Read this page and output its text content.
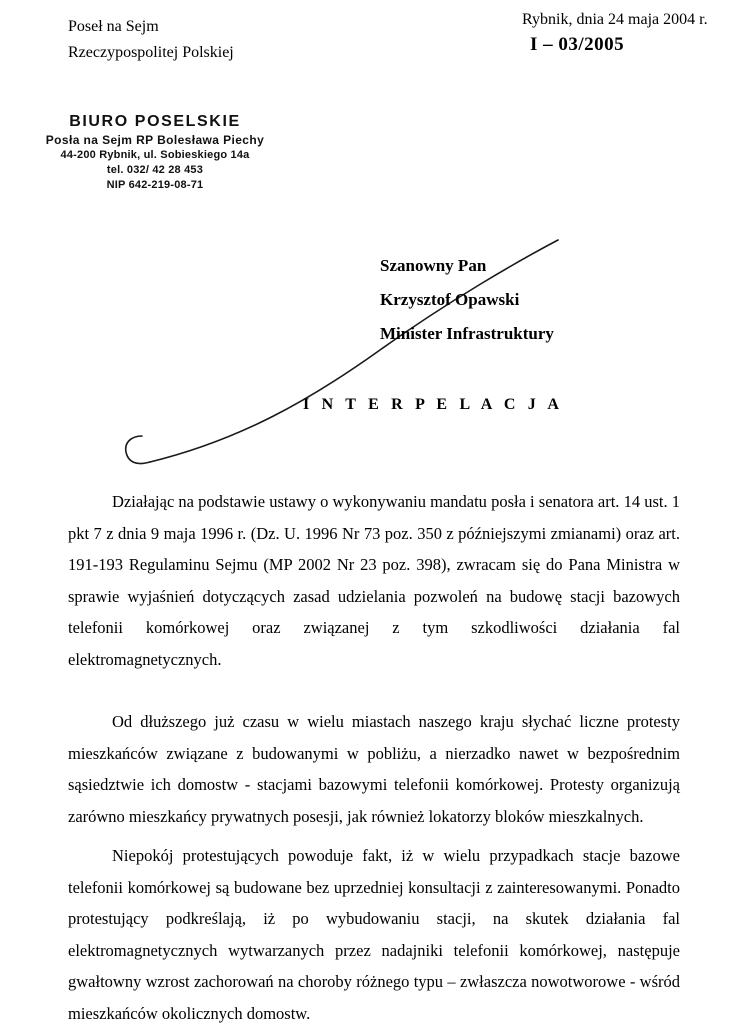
Poseł na Sejm
Rzeczypospolitej Polskiej
Rybnik, dnia 24 maja 2004 r.
I – 03/2005
BIURO POSELSKIE
Posła na Sejm RP Bolesława Piechy
44-200 Rybnik, ul. Sobieskiego 14a
tel. 032/ 42 28 453
NIP 642-219-08-71
Szanowny Pan
Krzysztof Opawski
Minister Infrastruktury
I N T E R P E L A C J A

Działając na podstawie ustawy o wykonywaniu mandatu posła i senatora art. 14 ust. 1 pkt 7 z dnia 9 maja 1996 r. (Dz. U. 1996 Nr 73 poz. 350 z późniejszymi zmianami) oraz art. 191-193 Regulaminu Sejmu (MP 2002 Nr 23 poz. 398), zwracam się do Pana Ministra w sprawie wyjaśnień dotyczących zasad udzielania pozwoleń na budowę stacji bazowych telefonii komórkowej oraz związanej z tym szkodliwości działania fal elektromagnetycznych.

Od dłuższego już czasu w wielu miastach naszego kraju słychać liczne protesty mieszkańców związane z budowanymi w pobliżu, a nierzadko nawet w bezpośrednim sąsiedztwie ich domostw - stacjami bazowymi telefonii komórkowej. Protesty organizują zarówno mieszkańcy prywatnych posesji, jak również lokatorzy bloków mieszkalnych.

Niepokój protestujących powoduje fakt, iż w wielu przypadkach stacje bazowe telefonii komórkowej są budowane bez uprzedniej konsultacji z zainteresowanymi. Ponadto protestujący podkreślają, iż po wybudowaniu stacji, na skutek działania fal elektromagnetycznych wytwarzanych przez nadajniki telefonii komórkowej, następuje gwałtowny wzrost zachorowań na choroby różnego typu – zwłaszcza nowotworowe - wśród mieszkańców okolicznych domostw.
